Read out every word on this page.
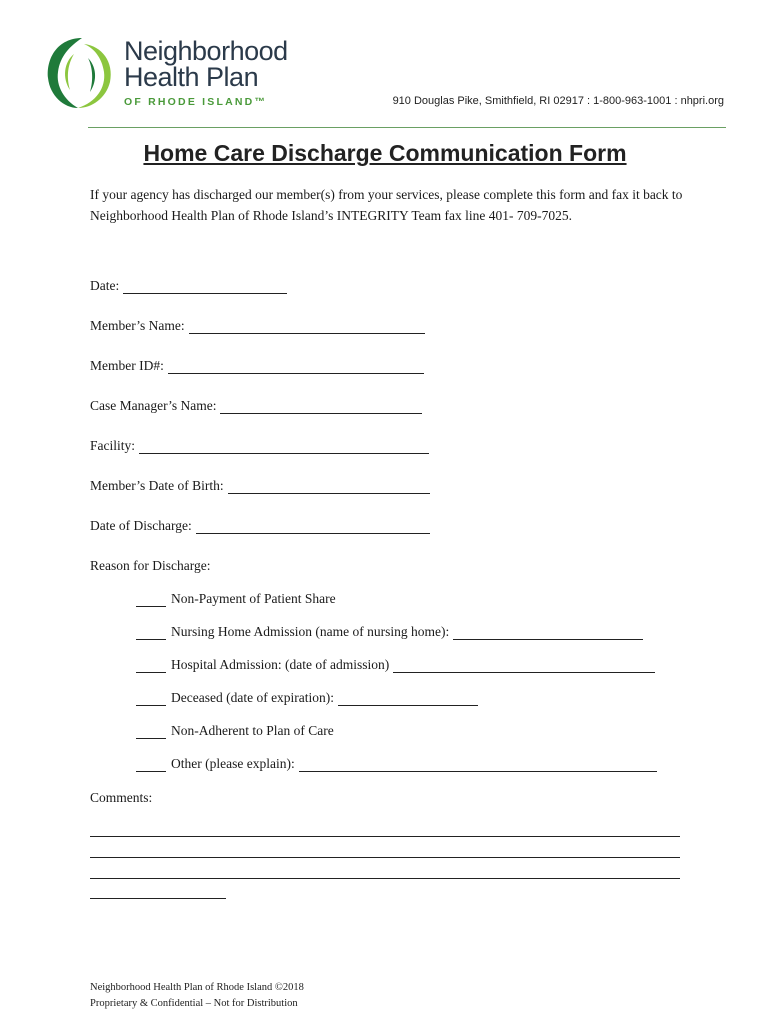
Neighborhood
Health Plan
OF RHODE ISLAND™	910 Douglas Pike, Smithfield, RI 02917 : 1-800-963-1001 : nhpri.org
Home Care Discharge Communication Form

If your agency has discharged our member(s) from your services, please complete this form and fax it back to Neighborhood Health Plan of Rhode Island’s INTEGRITY Team fax line 401- 709-7025.

Date:
Member’s Name:
Member ID#:
Case Manager’s Name:
Facility:
Member’s Date of Birth:
Date of Discharge:
Reason for Discharge:
Non-Payment of Patient Share
Nursing Home Admission (name of nursing home):
Hospital Admission: (date of admission)
Deceased (date of expiration):
Non-Adherent to Plan of Care
Other (please explain):
Comments:
Neighborhood Health Plan of Rhode Island ©2018
Proprietary & Confidential – Not for Distribution
